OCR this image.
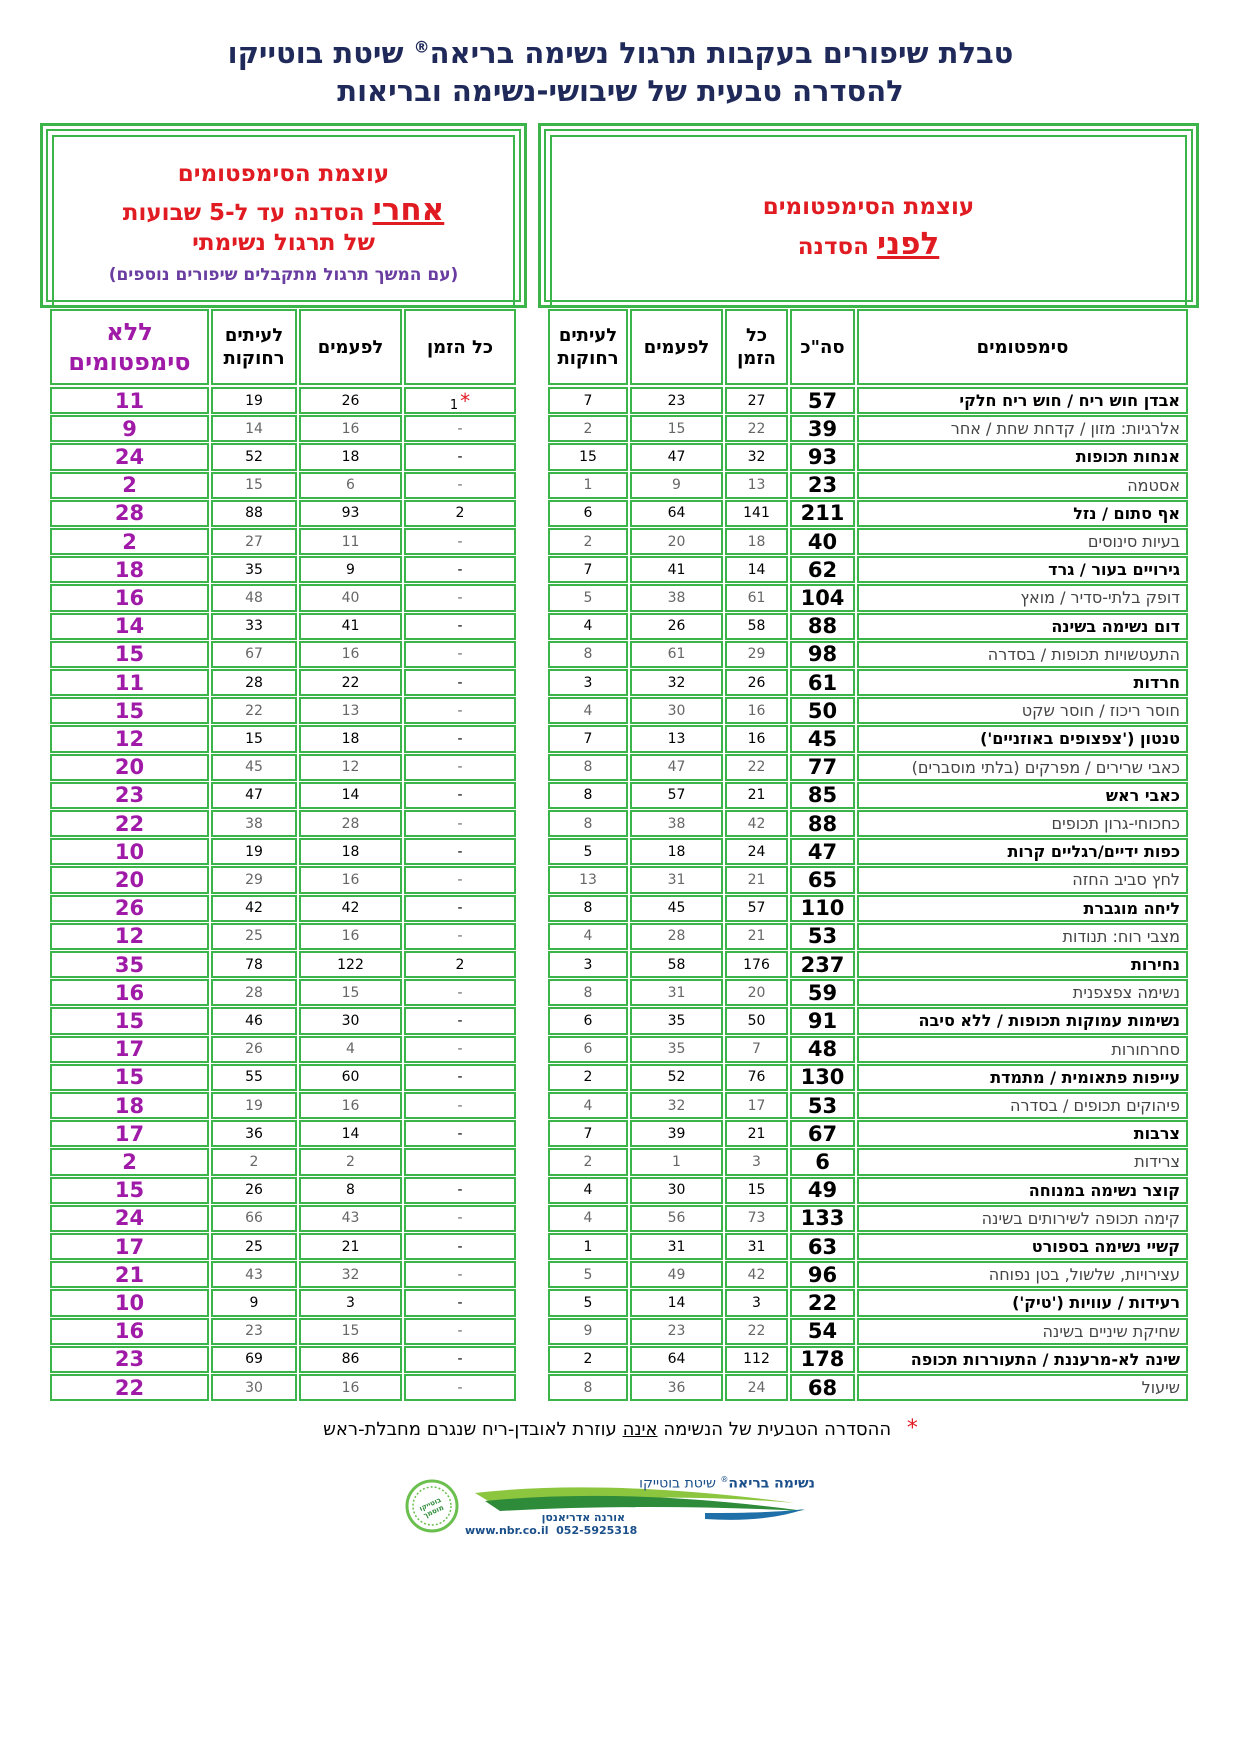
טבלת שיפורים בעקבות תרגול נשימה בריאה® שיטת בוטייקו
להסדרה טבעית של שיבושי-נשימה ובריאות
עוצמת הסימפטומים
לפני הסדנה
עוצמת הסימפטומים
אחרי הסדנה עד ל-5 שבועות
של תרגול נשימתי
(עם המשך תרגול מתקבלים שיפורים נוספים)
סימפטומים
סה"כ
כל הזמן
לפעמים
לעיתים רחוקות
כל הזמן
לפעמים
לעיתים רחוקות
ללא סימפטומים
אבדן חוש ריח / חוש ריח חלקי
57
27
23
7
*
1
26
19
11
אלרגיות: מזון / קדחת שחת / אחר
39
22
15
2
-
16
14
9
אנחות תכופות
93
32
47
15
-
18
52
24
אסטמה
23
13
9
1
-
6
15
2
אף סתום / נזל
211
141
64
6
2
93
88
28
בעיות סינוסים
40
18
20
2
-
11
27
2
גירויים בעור / גרד
62
14
41
7
-
9
35
18
דופק בלתי-סדיר / מואץ
104
61
38
5
-
40
48
16
דום נשימה בשינה
88
58
26
4
-
41
33
14
התעטשויות תכופות / בסדרה
98
29
61
8
-
16
67
15
חרדות
61
26
32
3
-
22
28
11
חוסר ריכוז / חוסר שקט
50
16
30
4
-
13
22
15
טנטון ('צפצופים באוזניים')
45
16
13
7
-
18
15
12
כאבי שרירים / מפרקים (בלתי מוסברים)
77
22
47
8
-
12
45
20
כאבי ראש
85
21
57
8
-
14
47
23
כחכוחי-גרון תכופים
88
42
38
8
-
28
38
22
כפות ידיים/רגליים קרות
47
24
18
5
-
18
19
10
לחץ סביב החזה
65
21
31
13
-
16
29
20
ליחה מוגברת
110
57
45
8
-
42
42
26
מצבי רוח: תנודות
53
21
28
4
-
16
25
12
נחירות
237
176
58
3
2
122
78
35
נשימה צפצפנית
59
20
31
8
-
15
28
16
נשימות עמוקות תכופות / ללא סיבה
91
50
35
6
-
30
46
15
סחרחורות
48
7
35
6
-
4
26
17
עייפות פתאומית / מתמדת
130
76
52
2
-
60
55
15
פיהוקים תכופים / בסדרה
53
17
32
4
-
16
19
18
צרבות
67
21
39
7
-
14
36
17
צרידות
6
3
1
2
2
2
2
קוצר נשימה במנוחה
49
15
30
4
-
8
26
15
קימה תכופה לשירותים בשינה
133
73
56
4
-
43
66
24
קשיי נשימה בספורט
63
31
31
1
-
21
25
17
עצירויות, שלשול, בטן נפוחה
96
42
49
5
-
32
43
21
רעידות / עוויות ('טיק')
22
3
14
5
-
3
9
10
שחיקת שיניים בשינה
54
22
23
9
-
15
23
16
שינה לא-מרעננת / התעוררות תכופה
178
112
64
2
-
86
69
23
שיעול
68
24
36
8
-
16
30
22
* ההסדרה הטבעית של הנשימה אינה עוזרת לאובדן-ריח שנגרם מחבלת-ראש
בוטייקו מוסמך
נשימה בריאה® שיטת בוטייקו
אורנה אדריאנסן
www.nbr.co.il  052-5925318
